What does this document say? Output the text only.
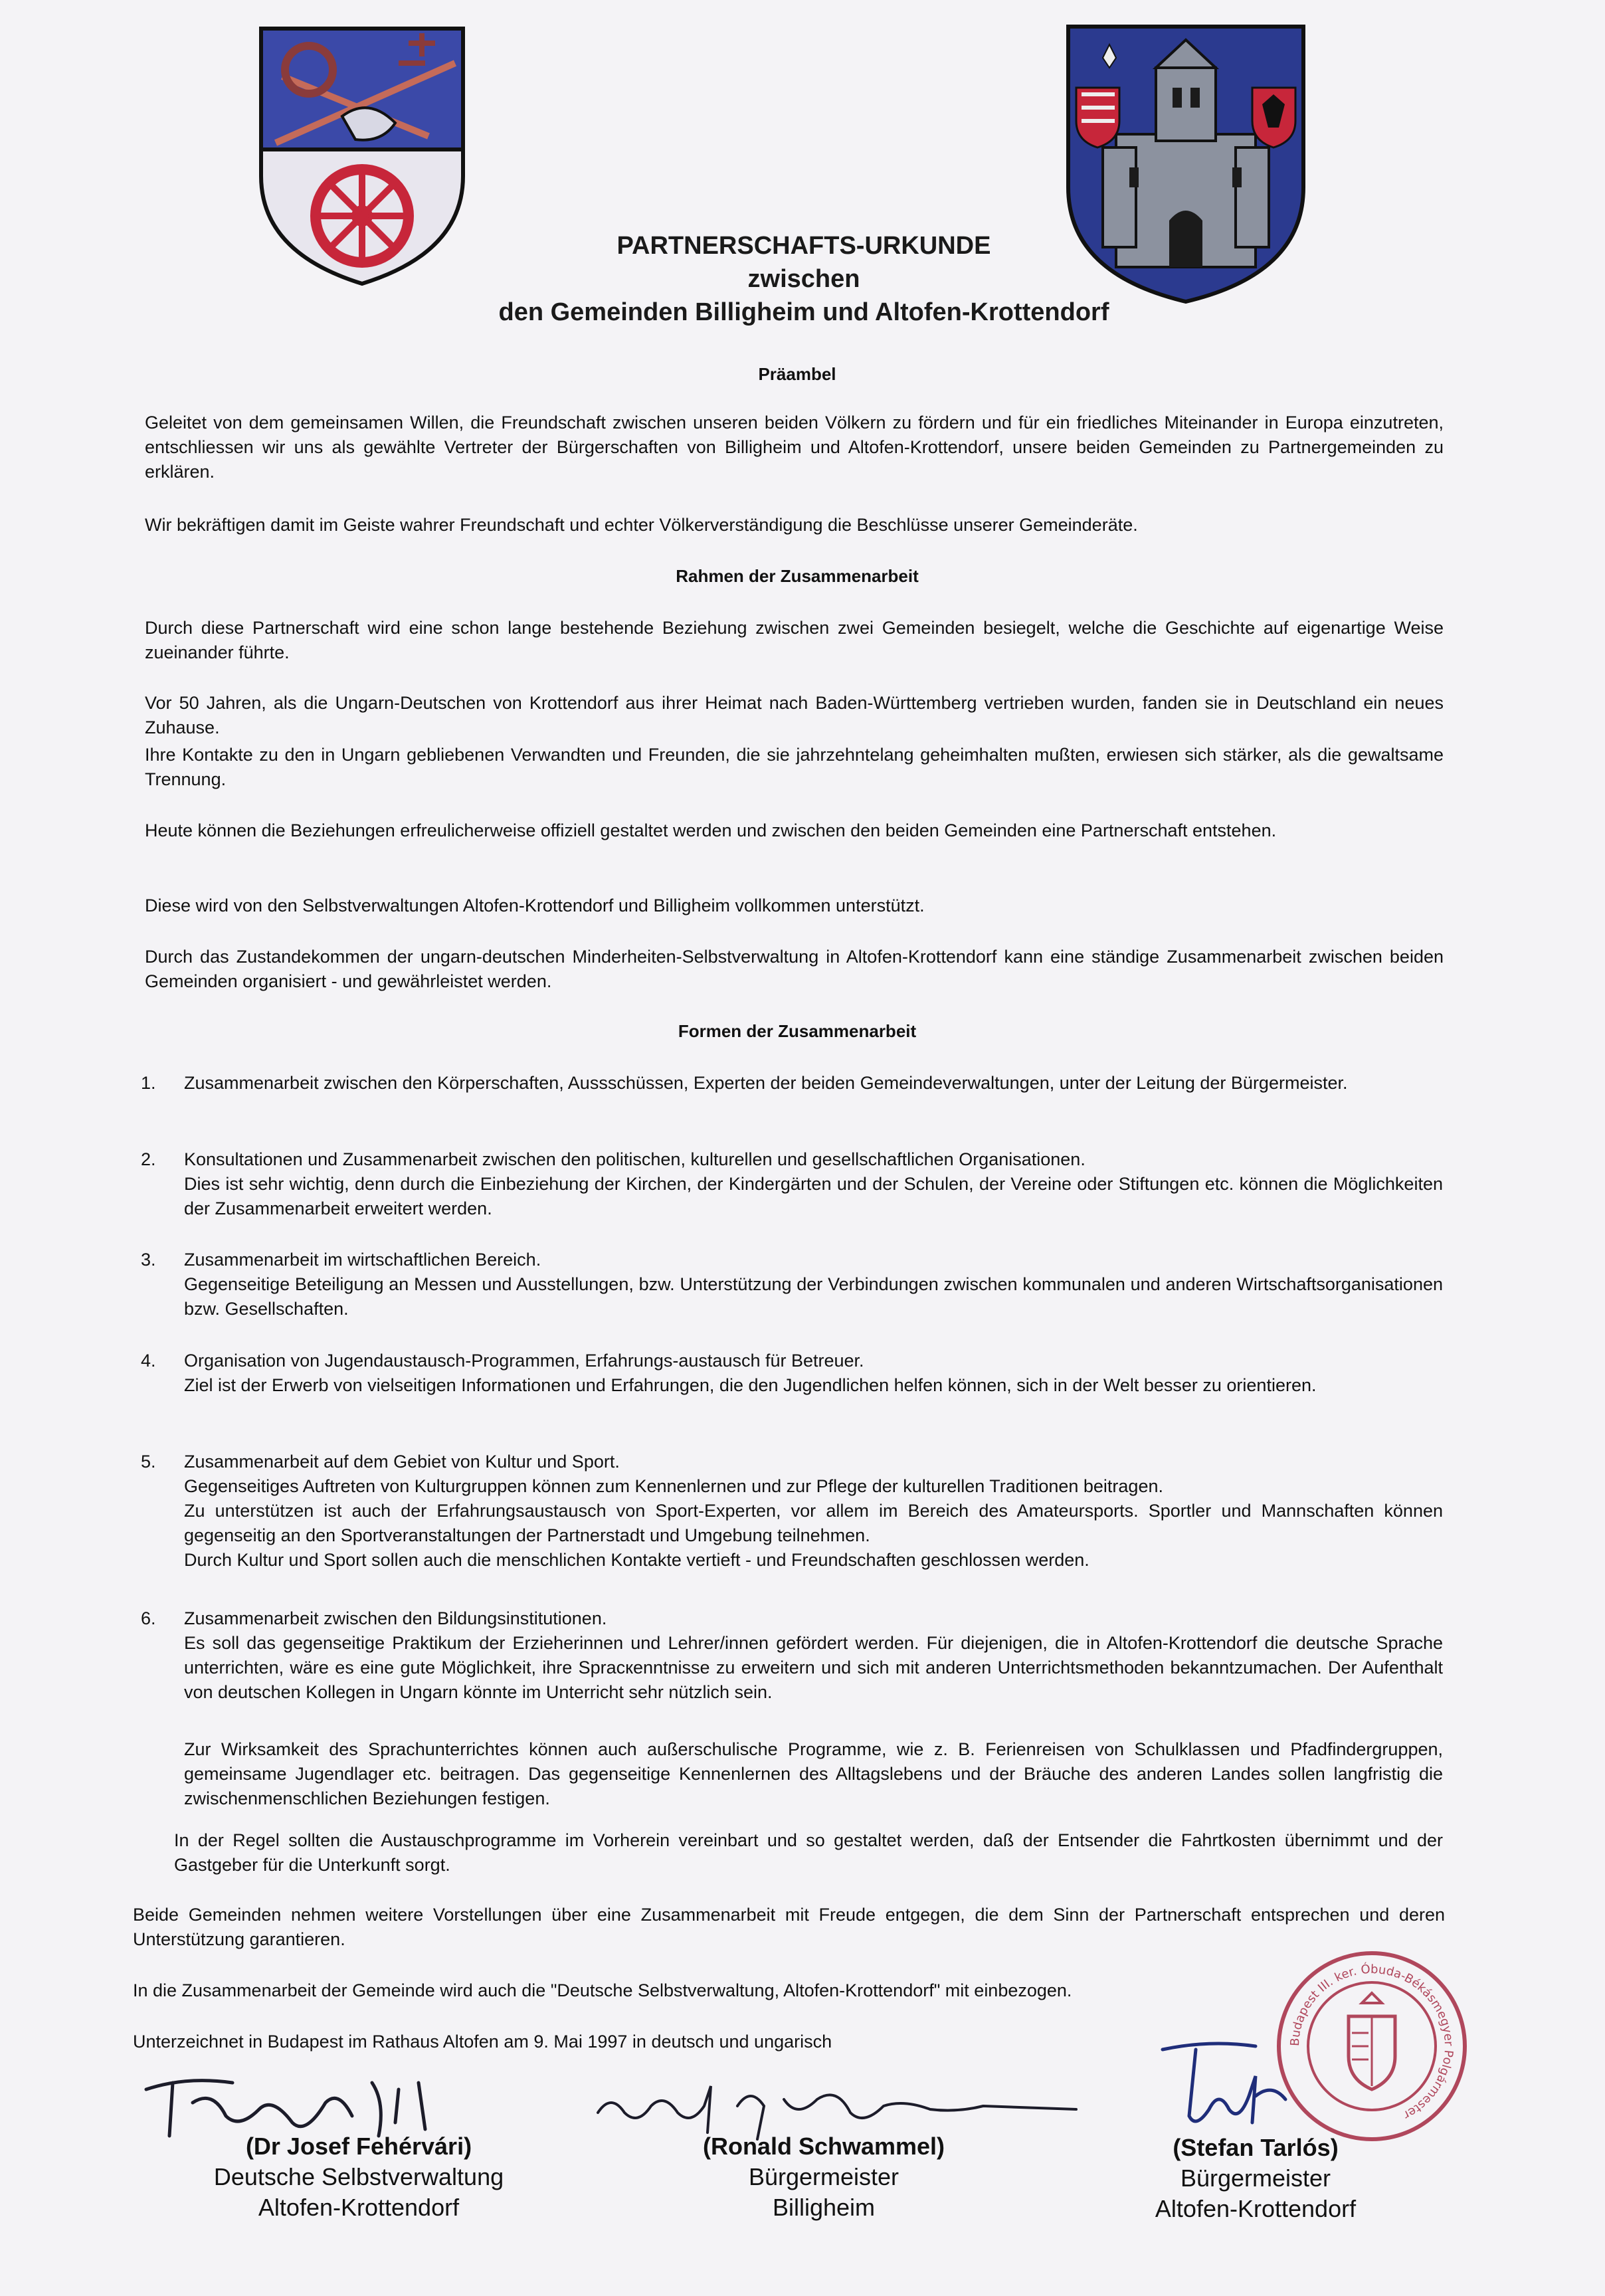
PARTNERSCHAFTS-URKUNDE
zwischen
den Gemeinden Billigheim und Altofen-Krottendorf
Präambel
Geleitet von dem gemeinsamen Willen, die Freundschaft zwischen unseren beiden Völkern zu fördern und für ein friedliches Miteinander in Europa einzutreten, entschliessen wir uns als gewählte Vertreter der Bürgerschaften von Billigheim und Altofen-Krottendorf, unsere beiden Gemeinden zu Partnergemeinden zu erklären.
Wir bekräftigen damit im Geiste wahrer Freundschaft und echter Völkerverständigung die Beschlüsse unserer Gemeinderäte.
Rahmen der Zusammenarbeit
Durch diese Partnerschaft wird eine schon lange bestehende Beziehung zwischen zwei Gemeinden besiegelt, welche die Geschichte auf eigenartige Weise zueinander führte.
Vor 50 Jahren, als die Ungarn-Deutschen von Krottendorf aus ihrer Heimat nach Baden-Württemberg vertrieben wurden, fanden sie in Deutschland ein neues Zuhause.
Ihre Kontakte zu den in Ungarn gebliebenen Verwandten und Freunden, die sie jahrzehntelang geheimhalten mußten, erwiesen sich stärker, als die gewaltsame Trennung.
Heute können die Beziehungen erfreulicherweise offiziell gestaltet werden und zwischen den beiden Gemeinden eine Partnerschaft entstehen.
Diese wird von den Selbstverwaltungen Altofen-Krottendorf und Billigheim vollkommen unterstützt.
Durch das Zustandekommen der ungarn-deutschen Minderheiten-Selbstverwaltung in Altofen-Krottendorf kann eine ständige Zusammenarbeit zwischen beiden Gemeinden organisiert - und gewährleistet werden.
Formen der Zusammenarbeit
1. Zusammenarbeit zwischen den Körperschaften, Aussschüssen, Experten der beiden Gemeindeverwaltungen, unter der Leitung der Bürgermeister.

2. Konsultationen und Zusammenarbeit zwischen den politischen, kulturellen und gesellschaftlichen Organisationen.

Dies ist sehr wichtig, denn durch die Einbeziehung der Kirchen, der Kindergärten und der Schulen, der Vereine oder Stiftungen etc. können die Möglichkeiten der Zusammenarbeit erweitert werden.

3. Zusammenarbeit im wirtschaftlichen Bereich.

Gegenseitige Beteiligung an Messen und Ausstellungen, bzw. Unterstützung der Verbindungen zwischen kommunalen und anderen Wirtschaftsorganisationen bzw. Gesellschaften.

4. Organisation von Jugendaustausch-Programmen, Erfahrungs-austausch für Betreuer.

Ziel ist der Erwerb von vielseitigen Informationen und Erfahrungen, die den Jugendlichen helfen können, sich in der Welt besser zu orientieren.

5. Zusammenarbeit auf dem Gebiet von Kultur und Sport.

Gegenseitiges Auftreten von Kulturgruppen können zum Kennenlernen und zur Pflege der kulturellen Traditionen beitragen.

Zu unterstützen ist auch der Erfahrungsaustausch von Sport-Experten, vor allem im Bereich des Amateursports. Sportler und Mannschaften können gegenseitig an den Sportveranstaltungen der Partnerstadt und Umgebung teilnehmen.

Durch Kultur und Sport sollen auch die menschlichen Kontakte vertieft - und Freundschaften geschlossen werden.

6. Zusammenarbeit zwischen den Bildungsinstitutionen.

Es soll das gegenseitige Praktikum der Erzieherinnen und Lehrer/innen gefördert werden. Für diejenigen, die in Altofen-Krottendorf die deutsche Sprache unterrichten, wäre es eine gute Möglichkeit, ihre Spracкenntnisse zu erweitern und sich mit anderen Unterrichtsmethoden bekanntzumachen. Der Aufenthalt von deutschen Kollegen in Ungarn könnte im Unterricht sehr nützlich sein.

Zur Wirksamkeit des Sprachunterrichtes können auch außerschulische Programme, wie z. B. Ferienreisen von Schulklassen und Pfadfindergruppen, gemeinsame Jugendlager etc. beitragen. Das gegenseitige Kennenlernen des Alltagslebens und der Bräuche des anderen Landes sollen langfristig die zwischenmenschlichen Beziehungen festigen.
In der Regel sollten die Austauschprogramme im Vorherein vereinbart und so gestaltet werden, daß der Entsender die Fahrtkosten übernimmt und der Gastgeber für die Unterkunft sorgt.
Beide Gemeinden nehmen weitere Vorstellungen über eine Zusammenarbeit mit Freude entgegen, die dem Sinn der Partnerschaft entsprechen und deren Unterstützung garantieren.
In die Zusammenarbeit der Gemeinde wird auch die "Deutsche Selbstverwaltung, Altofen-Krottendorf" mit einbezogen.
Unterzeichnet in Budapest im Rathaus Altofen am 9. Mai 1997 in deutsch und ungarisch	Budapest III. ker. Óbuda-Békásmegyer Polgármester
(Dr Josef Fehérvári)
Deutsche Selbstverwaltung
Altofen-Krottendorf
(Ronald Schwammel)
Bürgermeister
Billigheim
(Stefan Tarlós)
Bürgermeister
Altofen-Krottendorf
